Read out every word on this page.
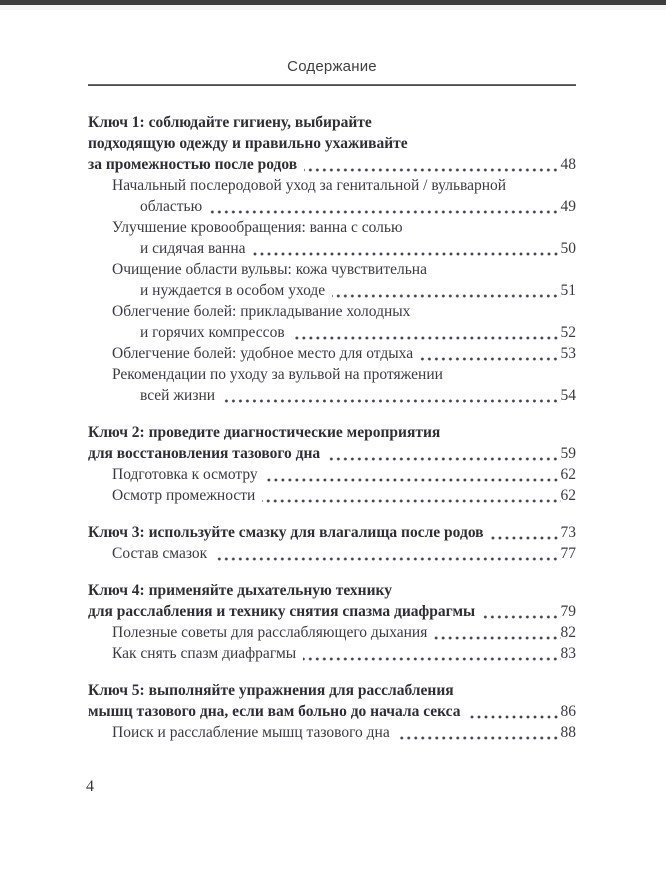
Содержание
Ключ 1: соблюдайте гигиену, выбирайте
подходящую одежду и правильно ухаживайте
за промежностью после родов	48
Начальный послеродовой уход за генитальной / вульварной
областью	49
Улучшение кровообращения: ванна с солью
и сидячая ванна	50
Очищение области вульвы: кожа чувствительна
и нуждается в особом уходе	51
Облегчение болей: прикладывание холодных
и горячих компрессов	52
Облегчение болей: удобное место для отдыха	53
Рекомендации по уходу за вульвой на протяжении
всей жизни	54
Ключ 2: проведите диагностические мероприятия
для восстановления тазового дна	59
Подготовка к осмотру	62
Осмотр промежности	62
Ключ 3: используйте смазку для влагалища после родов	73
Состав смазок	77
Ключ 4: применяйте дыхательную технику
для расслабления и технику снятия спазма диафрагмы	79
Полезные советы для расслабляющего дыхания	82
Как снять спазм диафрагмы	83
Ключ 5: выполняйте упражнения для расслабления
мышц тазового дна, если вам больно до начала секса	86
Поиск и расслабление мышц тазового дна	88
4
